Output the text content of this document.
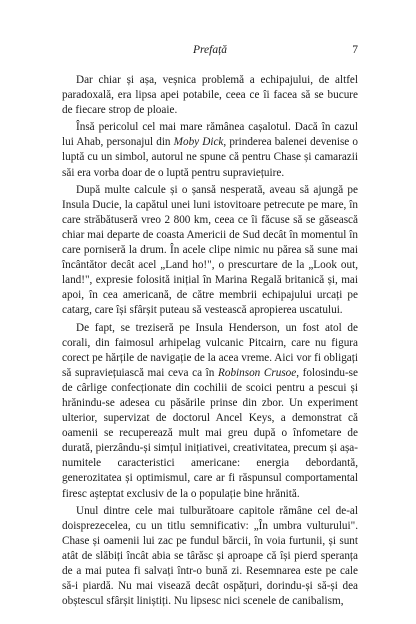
Prefață	7

Dar chiar și așa, veșnica problemă a echipajului, de altfel paradoxală, era lipsa apei potabile, ceea ce îi facea să se bucure de fiecare strop de ploaie.

Însă pericolul cel mai mare rămânea cașalotul. Dacă în cazul lui Ahab, personajul din Moby Dick, prinderea balenei devenise o luptă cu un simbol, autorul ne spune că pentru Chase și camarazii săi era vorba doar de o luptă pentru supraviețuire.

După multe calcule și o șansă nesperată, aveau să ajungă pe Insula Ducie, la capătul unei luni istovitoare petrecute pe mare, în care străbătuseră vreo 2 800 km, ceea ce îi făcuse să se găsească chiar mai departe de coasta Americii de Sud decât în momentul în care porniseră la drum. În acele clipe nimic nu părea să sune mai încântător decât acel „Land ho!", o prescurtare de la „Look out, land!", expresie folosită inițial în Marina Regală britanică și, mai apoi, în cea americană, de către membrii echipajului urcați pe catarg, care își sfârșit puteau să vestească apropierea uscatului.

De fapt, se treziseră pe Insula Henderson, un fost atol de corali, din faimosul arhipelag vulcanic Pitcairn, care nu figura corect pe hărțile de navigație de la acea vreme. Aici vor fi obligați să supraviețuiască mai ceva ca în Robinson Crusoe, folosindu-se de cârlige confecționate din cochilii de scoici pentru a pescui și hrănindu-se adesea cu păsările prinse din zbor. Un experiment ulterior, supervizat de doctorul Ancel Keys, a demonstrat că oamenii se recuperează mult mai greu după o înfometare de durată, pierzându-și simțul inițiativei, creativitatea, precum și așa-numitele caracteristici americane: energia debordantă, generozitatea și optimismul, care ar fi răspunsul comportamental firesc așteptat exclusiv de la o populație bine hrănită.

Unul dintre cele mai tulburătoare capitole rămâne cel de-al doisprezecelea, cu un titlu semnificativ: „În umbra vulturului". Chase și oamenii lui zac pe fundul bărcii, în voia furtunii, și sunt atât de slăbiți încât abia se târăsc și aproape că își pierd speranța de a mai putea fi salvați într-o bună zi. Resemnarea este pe cale să-i piardă. Nu mai visează decât ospățuri, dorindu-și să-și dea obștescul sfârșit liniștiți. Nu lipsesc nici scenele de canibalism,
